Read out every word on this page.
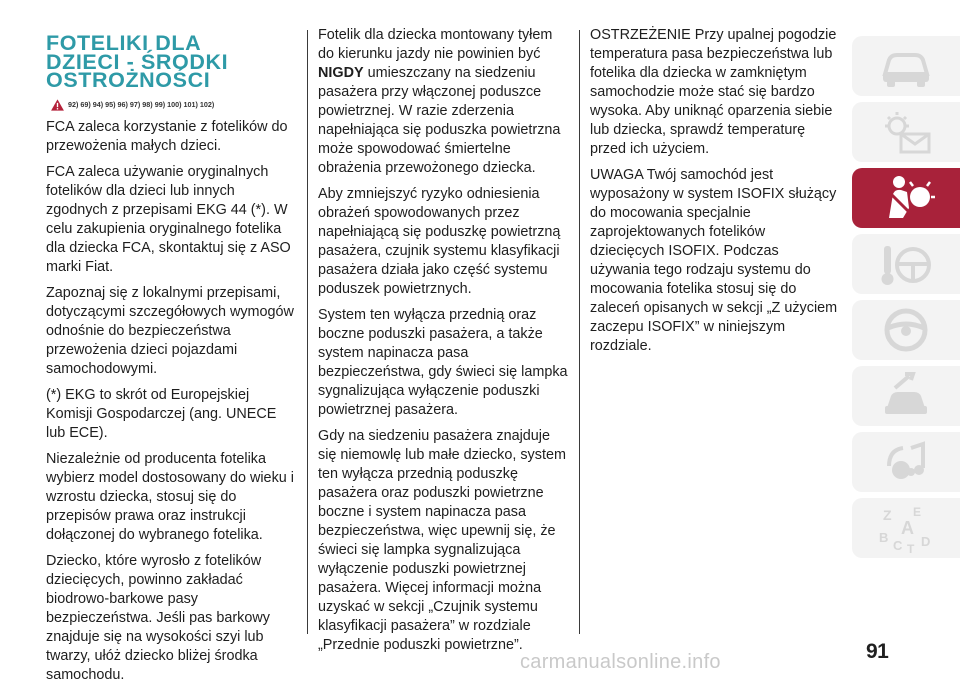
FOTELIKI DLA
DZIECI - ŚRODKI
OSTROŻNOŚCI
92) 69) 94) 95) 96) 97) 98) 99) 100) 101) 102)

FCA zaleca korzystanie z fotelików do przewożenia małych dzieci.

FCA zaleca używanie oryginalnych fotelików dla dzieci lub innych zgodnych z przepisami EKG 44 (*). W celu zakupienia oryginalnego fotelika dla dziecka FCA, skontaktuj się z ASO marki Fiat.

Zapoznaj się z lokalnymi przepisami, dotyczącymi szczegółowych wymogów odnośnie do bezpieczeństwa przewożenia dzieci pojazdami samochodowymi.

(*) EKG to skrót od Europejskiej Komisji Gospodarczej (ang. UNECE lub ECE).

Niezależnie od producenta fotelika wybierz model dostosowany do wieku i wzrostu dziecka, stosuj się do przepisów prawa oraz instrukcji dołączonej do wybranego fotelika.

Dziecko, które wyrosło z fotelików dziecięcych, powinno zakładać biodrowo-barkowe pasy bezpieczeństwa. Jeśli pas barkowy znajduje się na wysokości szyi lub twarzy, ułóż dziecko bliżej środka samochodu.

Fotelik dla dziecka montowany tyłem do kierunku jazdy nie powinien być NIGDY umieszczany na siedzeniu pasażera przy włączonej poduszce powietrznej. W razie zderzenia napełniająca się poduszka powietrzna może spowodować śmiertelne obrażenia przewożonego dziecka.

Aby zmniejszyć ryzyko odniesienia obrażeń spowodowanych przez napełniającą się poduszkę powietrzną pasażera, czujnik systemu klasyfikacji pasażera działa jako część systemu poduszek powietrznych.

System ten wyłącza przednią oraz boczne poduszki pasażera, a także system napinacza pasa bezpieczeństwa, gdy świeci się lampka sygnalizująca wyłączenie poduszki powietrznej pasażera.

Gdy na siedzeniu pasażera znajduje się niemowlę lub małe dziecko, system ten wyłącza przednią poduszkę pasażera oraz poduszki powietrzne boczne i system napinacza pasa bezpieczeństwa, więc upewnij się, że świeci się lampka sygnalizująca wyłączenie poduszki powietrznej pasażera. Więcej informacji można uzyskać w sekcji „Czujnik systemu klasyfikacji pasażera” w rozdziale „Przednie poduszki powietrzne”.

OSTRZEŻENIE Przy upalnej pogodzie temperatura pasa bezpieczeństwa lub fotelika dla dziecka w zamkniętym samochodzie może stać się bardzo wysoka. Aby uniknąć oparzenia siebie lub dziecka, sprawdź temperaturę przed ich użyciem.

UWAGA Twój samochód jest wyposażony w system ISOFIX służący do mocowania specjalnie zaprojektowanych fotelików dziecięcych ISOFIX. Podczas używania tego rodzaju systemu do mocowania fotelika stosuj się do zaleceń opisanych w sekcji „Z użyciem zaczepu ISOFIX” w niniejszym rozdziale.

Z E
A
B
C D
T
91
carmanualsonline.info
